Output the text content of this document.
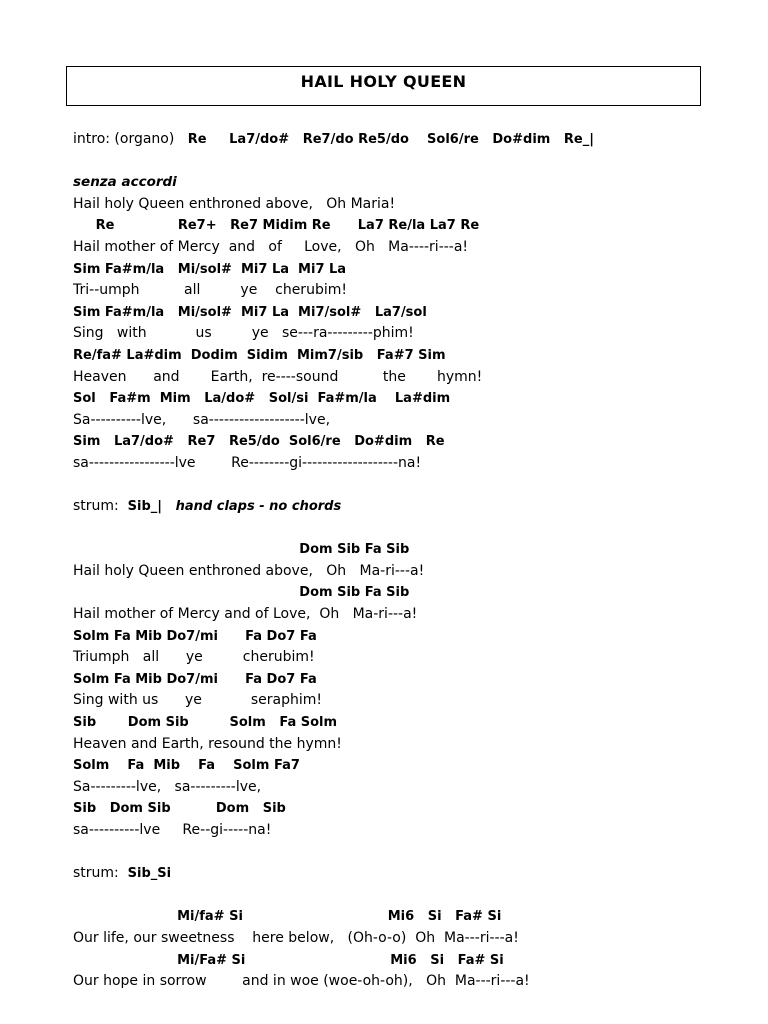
HAIL HOLY QUEEN
intro: (organo)   Re     La7/do#   Re7/do Re5/do    Sol6/re   Do#dim   Re_|
senza accordi
Hail holy Queen enthroned above,   Oh Maria!
Re              Re7+   Re7 Midim Re      La7 Re/la La7 Re
Hail mother of Mercy  and   of     Love,   Oh   Ma----ri---a!
Sim Fa#m/la   Mi/sol#  Mi7 La  Mi7 La
Tri--umph          all         ye    cherubim!
Sim Fa#m/la   Mi/sol#  Mi7 La  Mi7/sol#   La7/sol
Sing   with           us         ye   se---ra---------phim!
Re/fa# La#dim  Dodim  Sidim  Mim7/sib   Fa#7 Sim
Heaven      and       Earth,  re----sound          the       hymn!
Sol   Fa#m  Mim   La/do#   Sol/si  Fa#m/la    La#dim
Sa----------lve,      sa-------------------lve,
Sim   La7/do#   Re7   Re5/do  Sol6/re   Do#dim   Re
sa-----------------lve        Re--------gi-------------------na!
strum:  Sib_|   hand claps - no chords
Dom Sib Fa Sib
Hail holy Queen enthroned above,   Oh   Ma-ri---a!
Dom Sib Fa Sib
Hail mother of Mercy and of Love,  Oh   Ma-ri---a!
Solm Fa Mib Do7/mi      Fa Do7 Fa
Triumph   all      ye         cherubim!
Solm Fa Mib Do7/mi      Fa Do7 Fa
Sing with us      ye           seraphim!
Sib       Dom Sib         Solm   Fa Solm
Heaven and Earth, resound the hymn!
Solm    Fa  Mib    Fa    Solm Fa7
Sa---------lve,   sa---------lve,
Sib   Dom Sib          Dom   Sib
sa----------lve     Re--gi-----na!
strum:  Sib_Si
Mi/fa# Si                                Mi6   Si   Fa# Si
Our life, our sweetness    here below,   (Oh-o-o)  Oh  Ma---ri---a!
Mi/Fa# Si                                Mi6   Si   Fa# Si
Our hope in sorrow        and in woe (woe-oh-oh),   Oh  Ma---ri---a!
